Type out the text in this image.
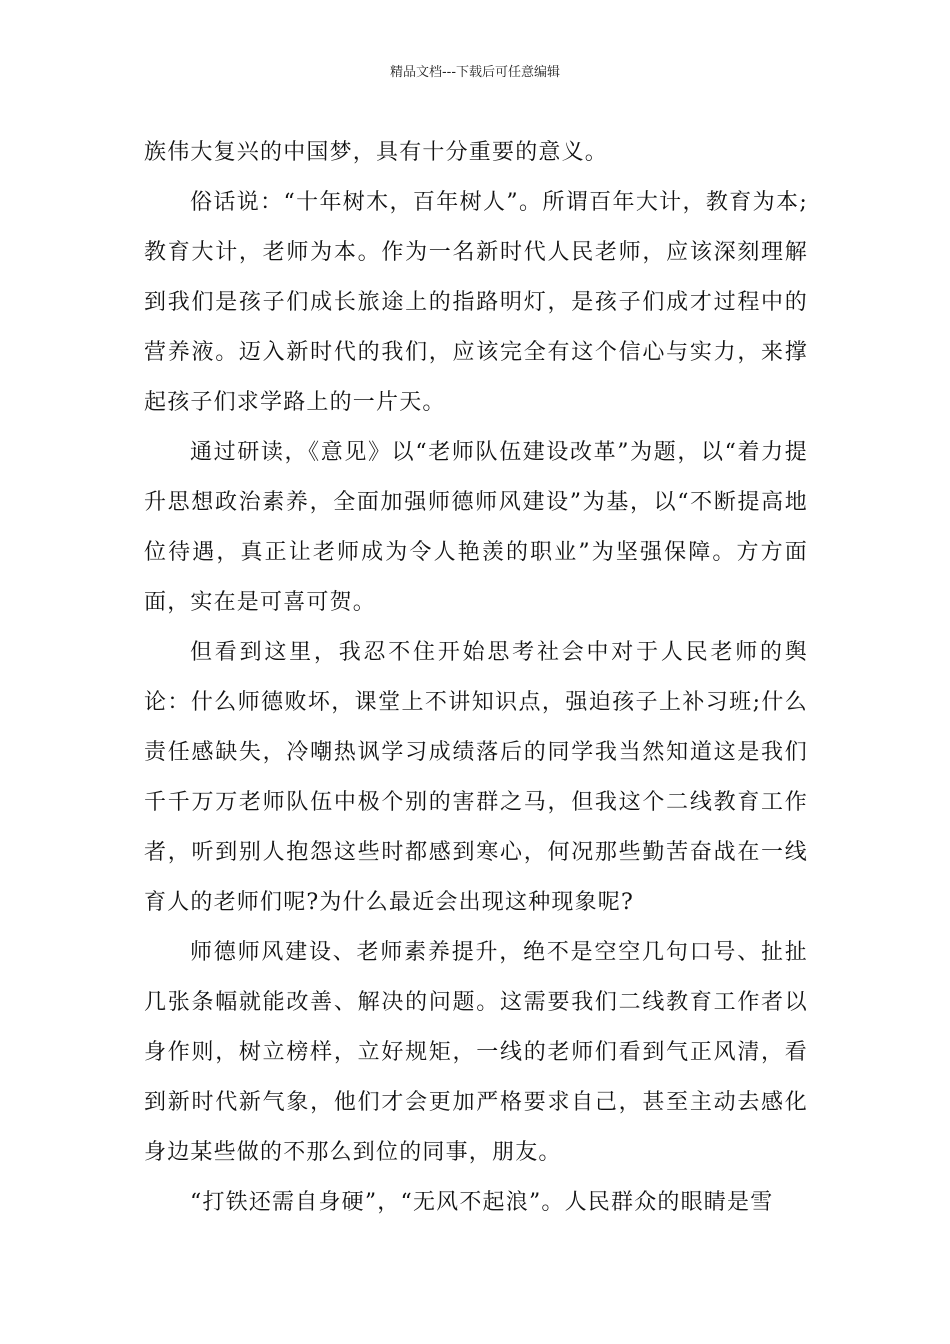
精品文档---下载后可任意编辑

族伟大复兴的中国梦，具有十分重要的意义。

俗话说：“十年树木，百年树人”。所谓百年大计，教育为本;教育大计，老师为本。作为一名新时代人民老师，应该深刻理解到我们是孩子们成长旅途上的指路明灯，是孩子们成才过程中的营养液。迈入新时代的我们，应该完全有这个信心与实力，来撑起孩子们求学路上的一片天。

通过研读，《意见》以“老师队伍建设改革”为题，以“着力提升思想政治素养，全面加强师德师风建设”为基，以“不断提高地位待遇，真正让老师成为令人艳羡的职业”为坚强保障。方方面面，实在是可喜可贺。

但看到这里，我忍不住开始思考社会中对于人民老师的舆论：什么师德败坏，课堂上不讲知识点，强迫孩子上补习班;什么责任感缺失，冷嘲热讽学习成绩落后的同学我当然知道这是我们千千万万老师队伍中极个别的害群之马，但我这个二线教育工作者，听到别人抱怨这些时都感到寒心，何况那些勤苦奋战在一线育人的老师们呢?为什么最近会出现这种现象呢?

师德师风建设、老师素养提升，绝不是空空几句口号、扯扯几张条幅就能改善、解决的问题。这需要我们二线教育工作者以身作则，树立榜样，立好规矩，一线的老师们看到气正风清，看到新时代新气象，他们才会更加严格要求自己，甚至主动去感化身边某些做的不那么到位的同事，朋友。

“打铁还需自身硬”，“无风不起浪”。人民群众的眼睛是雪
